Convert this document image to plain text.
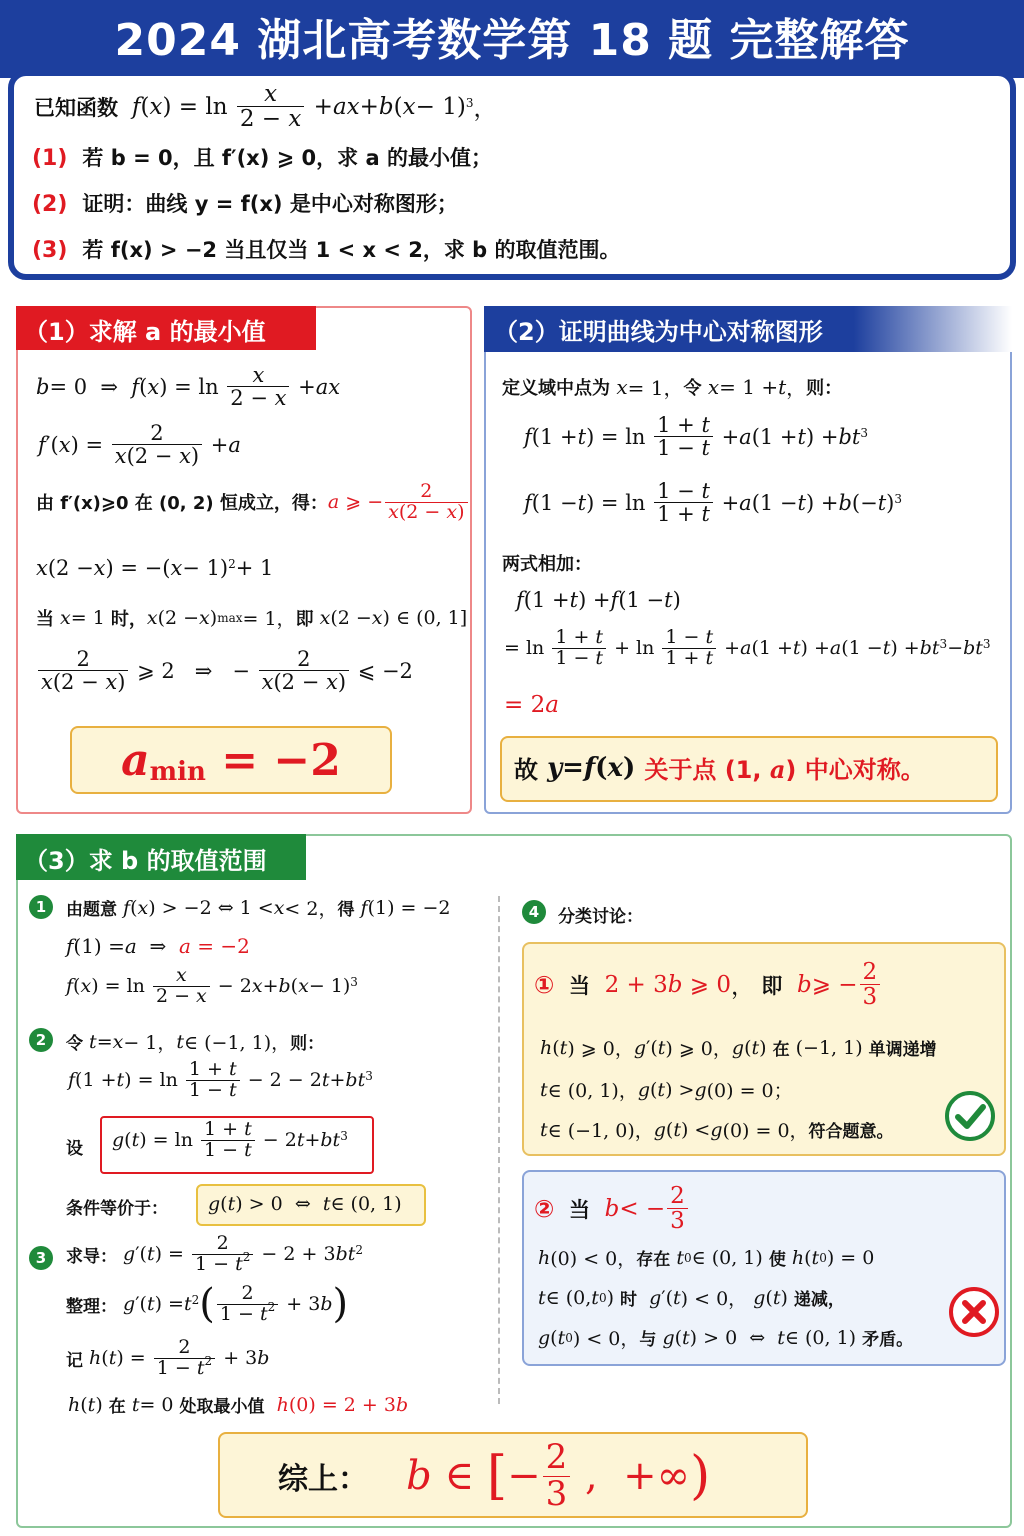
2024 湖北高考数学第 18 题 完整解答
已知函数 f ( x ) = $\ln \frac{x}{2 - x}$ + ax + b ( x − 1)$^3$ ，
(1) 若 b = 0，且 f′(x) ⩾ 0，求 a 的最小值；
(2) 证明：曲线 y = f(x) 是中心对称图形；
(3) 若 f(x) > −2 当且仅当 1 < x < 2，求 b 的取值范围。
（1）求解 a 的最小值
b = 0  ⇒ f ( x ) = $\ln \frac{x}{2 - x}$ + ax
f ′( x ) = $\frac{2}{x(2 - x)} + a$
由 f′(x)⩾0 在 (0, 2) 恒成立，得： a ⩾ − $\frac{2}{x(2 - x)}$
x (2 − x ) = −( x − 1)$^2$ + 1
当
x = 1 时， x (2 − x ) max = 1， 即
x (2 − x ) ∈ (0, 1]
$\frac{2}{x(2 - x)}$ ⩾ 2   ⇒   − $\frac{2}{x(2 - x)}$ ⩽ −2
a min = −2
（2）证明曲线为中心对称图形
定义域中点为
x = 1， 令
x = 1 + t ， 则：
f (1 + t ) = $\ln \frac{1 + t}{1 - t} + a$ (1 + t ) + $bt^3$
f (1 − t ) = $\ln \frac{1 - t}{1 + t} + a$ (1 − t ) + b (− t )$^3$
两式相加：
f (1 + t ) + f (1 − t )
= $\ln \frac{1 + t}{1 - t} + \ln \frac{1 - t}{1 + t} + a$ (1 + t ) + a (1 − t ) + $bt^3 - bt^3$
= 2 a
故
y = f ( x ) 关于点 (1, a) 中心对称。
（3）求 b 的取值范围
1	由题意
f ( x ) > −2 ⇔ 1 < x < 2， 得
f (1) = −2
f (1) = a ⇒ a = −2
f ( x ) = $\ln \frac{x}{2 - x} - 2$ x + b ( x − 1)$^3$
2	令
t = x − 1， t ∈ (−1, 1)， 则：
f (1 + t ) = $\ln \frac{1 + t}{1 - t} - 2 - 2$ $t + bt^3$
设 g ( t ) = $\ln \frac{1 + t}{1 - t} - 2$ $t + bt^3$
条件等价于： g ( t ) > 0  ⇔ t ∈ (0, 1)
3	求导：
g ′( t ) = $\frac{2}{1 - t^2} - 2 + 3$ $bt^2$
整理：
g ′( t ) = $t^2$ ( $\frac{2}{1 - t^2} + 3$ b )
记
h ( t ) = $\frac{2}{1 - t^2} + 3$ b
h ( t ) 在
t = 0 处取最小值
h(0) = 2 + 3b
4	分类讨论：
①
当
2 + 3b ⩾ 0 ， 即
b ⩾ − $\frac{2}{3}$
h ( t ) ⩾ 0， g ′( t ) ⩾ 0， g ( t ) 在 (−1, 1) 单调递增
t ∈ (0, 1)， g ( t ) > g (0) = 0；
t ∈ (−1, 0)， g ( t ) < g (0) = 0， 符合题意。
②
当
b < − $\frac{2}{3}$
h (0) < 0， 存在
t 0 ∈ (0, 1) 使
h ( t 0 ) = 0
t ∈ (0, t 0 ) 时
g ′( t ) < 0， g ( t ) 递减，
g ( t 0 ) < 0， 与
g ( t ) > 0  ⇔ t ∈ (0, 1) 矛盾。
综上：
b ∈ [ − $\frac{2}{3}$ ,  +∞ )
